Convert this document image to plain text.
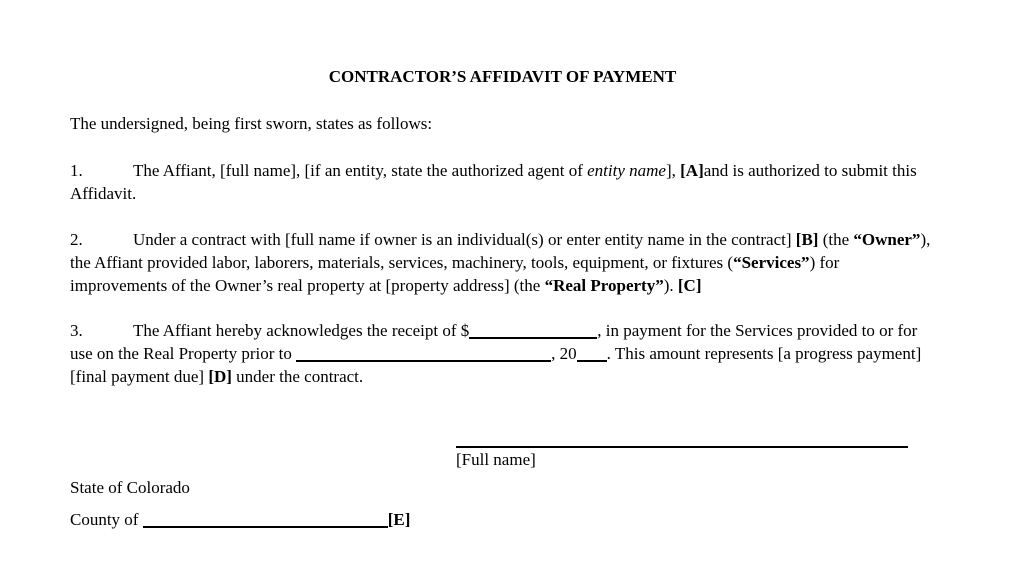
CONTRACTOR’S AFFIDAVIT OF PAYMENT

The undersigned, being first sworn, states as follows:

1.	The Affiant, [full name], [if an entity, state the authorized agent of entity name], [A]and is authorized to submit this Affidavit.

2.	Under a contract with [full name if owner is an individual(s) or enter entity name in the contract] [B] (the “Owner”), the Affiant provided labor, laborers, materials, services, machinery, tools, equipment, or fixtures (“Services”) for improvements of the Owner’s real property at [property address] (the “Real Property”). [C]

3.	The Affiant hereby acknowledges the receipt of $	, in payment for the Services provided to or for use on the Real Property prior to	, 20 . This amount represents [a progress payment] [final payment due] [D] under the contract.

[Full name]
State of Colorado
County of	[E]
